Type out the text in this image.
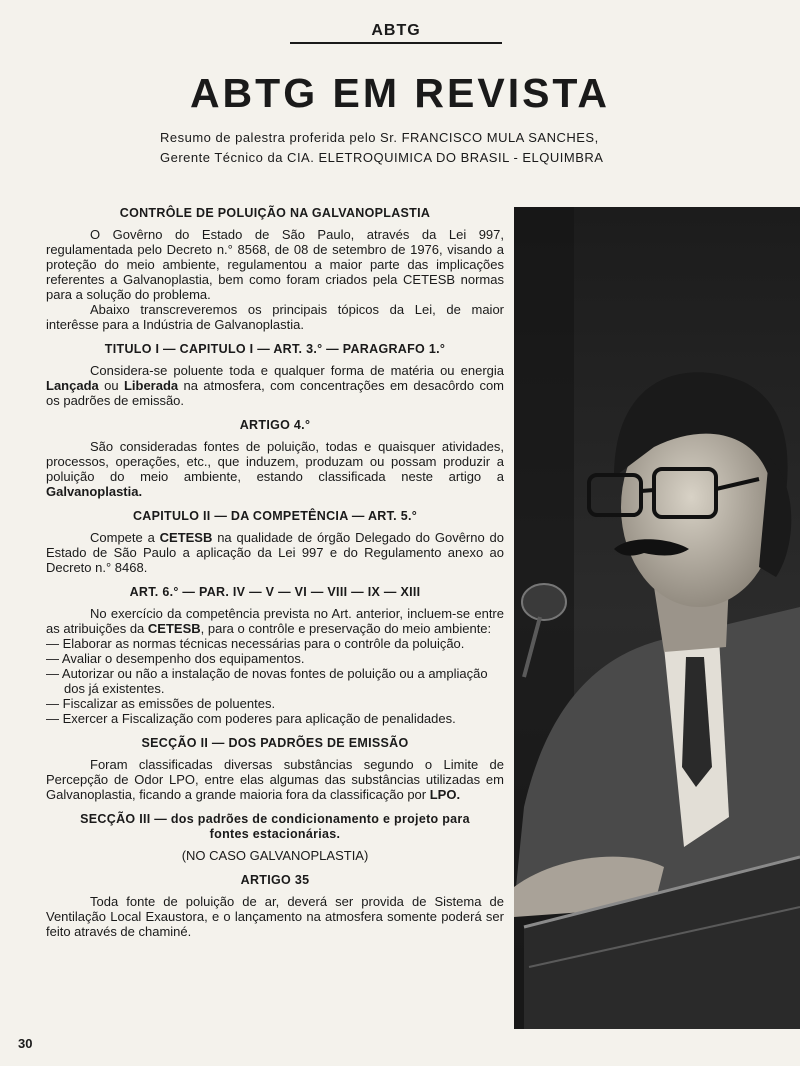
ABTG
ABTG EM REVISTA
Resumo de palestra proferida pelo Sr. FRANCISCO MULA SANCHES,
Gerente Técnico da CIA. ELETROQUIMICA DO BRASIL - ELQUIMBRA
CONTRÔLE DE POLUIÇÃO NA GALVANOPLASTIA

O Govêrno do Estado de São Paulo, através da Lei 997, regulamentada pelo Decreto n.° 8568, de 08 de setembro de 1976, visando a proteção do meio ambiente, regulamentou a maior parte das implicações referentes a Galvanoplastia, bem como foram criados pela CETESB normas para a solução do problema.

Abaixo transcreveremos os principais tópicos da Lei, de maior interêsse para a Indústria de Galvanoplastia.

TITULO I — CAPITULO I — ART. 3.° — PARAGRAFO 1.°

Considera-se poluente toda e qualquer forma de matéria ou energia Lançada ou Liberada na atmosfera, com concentrações em desacôrdo com os padrões de emissão.

ARTIGO 4.°

São consideradas fontes de poluição, todas e quaisquer atividades, processos, operações, etc., que induzem, produzam ou possam produzir a poluição do meio ambiente, estando classificada neste artigo a Galvanoplastia.

CAPITULO II — DA COMPETÊNCIA — ART. 5.°

Compete a CETESB na qualidade de órgão Delegado do Govêrno do Estado de São Paulo a aplicação da Lei 997 e do Regulamento anexo ao Decreto n.° 8468.

ART. 6.° — PAR. IV — V — VI — VIII — IX — XIII

No exercício da competência prevista no Art. anterior, incluem-se entre as atribuições da CETESB, para o contrôle e preservação do meio ambiente:

— Elaborar as normas técnicas necessárias para o contrôle da poluição.
— Avaliar o desempenho dos equipamentos.
— Autorizar ou não a instalação de novas fontes de poluição ou a ampliação dos já existentes.
— Fiscalizar as emissões de poluentes.
— Exercer a Fiscalização com poderes para aplicação de penalidades.
SECÇÃO II — DOS PADRÕES DE EMISSÃO

Foram classificadas diversas substâncias segundo o Limite de Percepção de Odor LPO, entre elas algumas das substâncias utilizadas em Galvanoplastia, ficando a grande maioria fora da classificação por LPO.

SECÇÃO III — dos padrões de condicionamento e projeto para fontes estacionárias.

(NO CASO GALVANOPLASTIA)

ARTIGO 35

Toda fonte de poluição de ar, deverá ser provida de Sistema de Ventilação Local Exaustora, e o lançamento na atmosfera somente poderá ser feito através de chaminé.

30
